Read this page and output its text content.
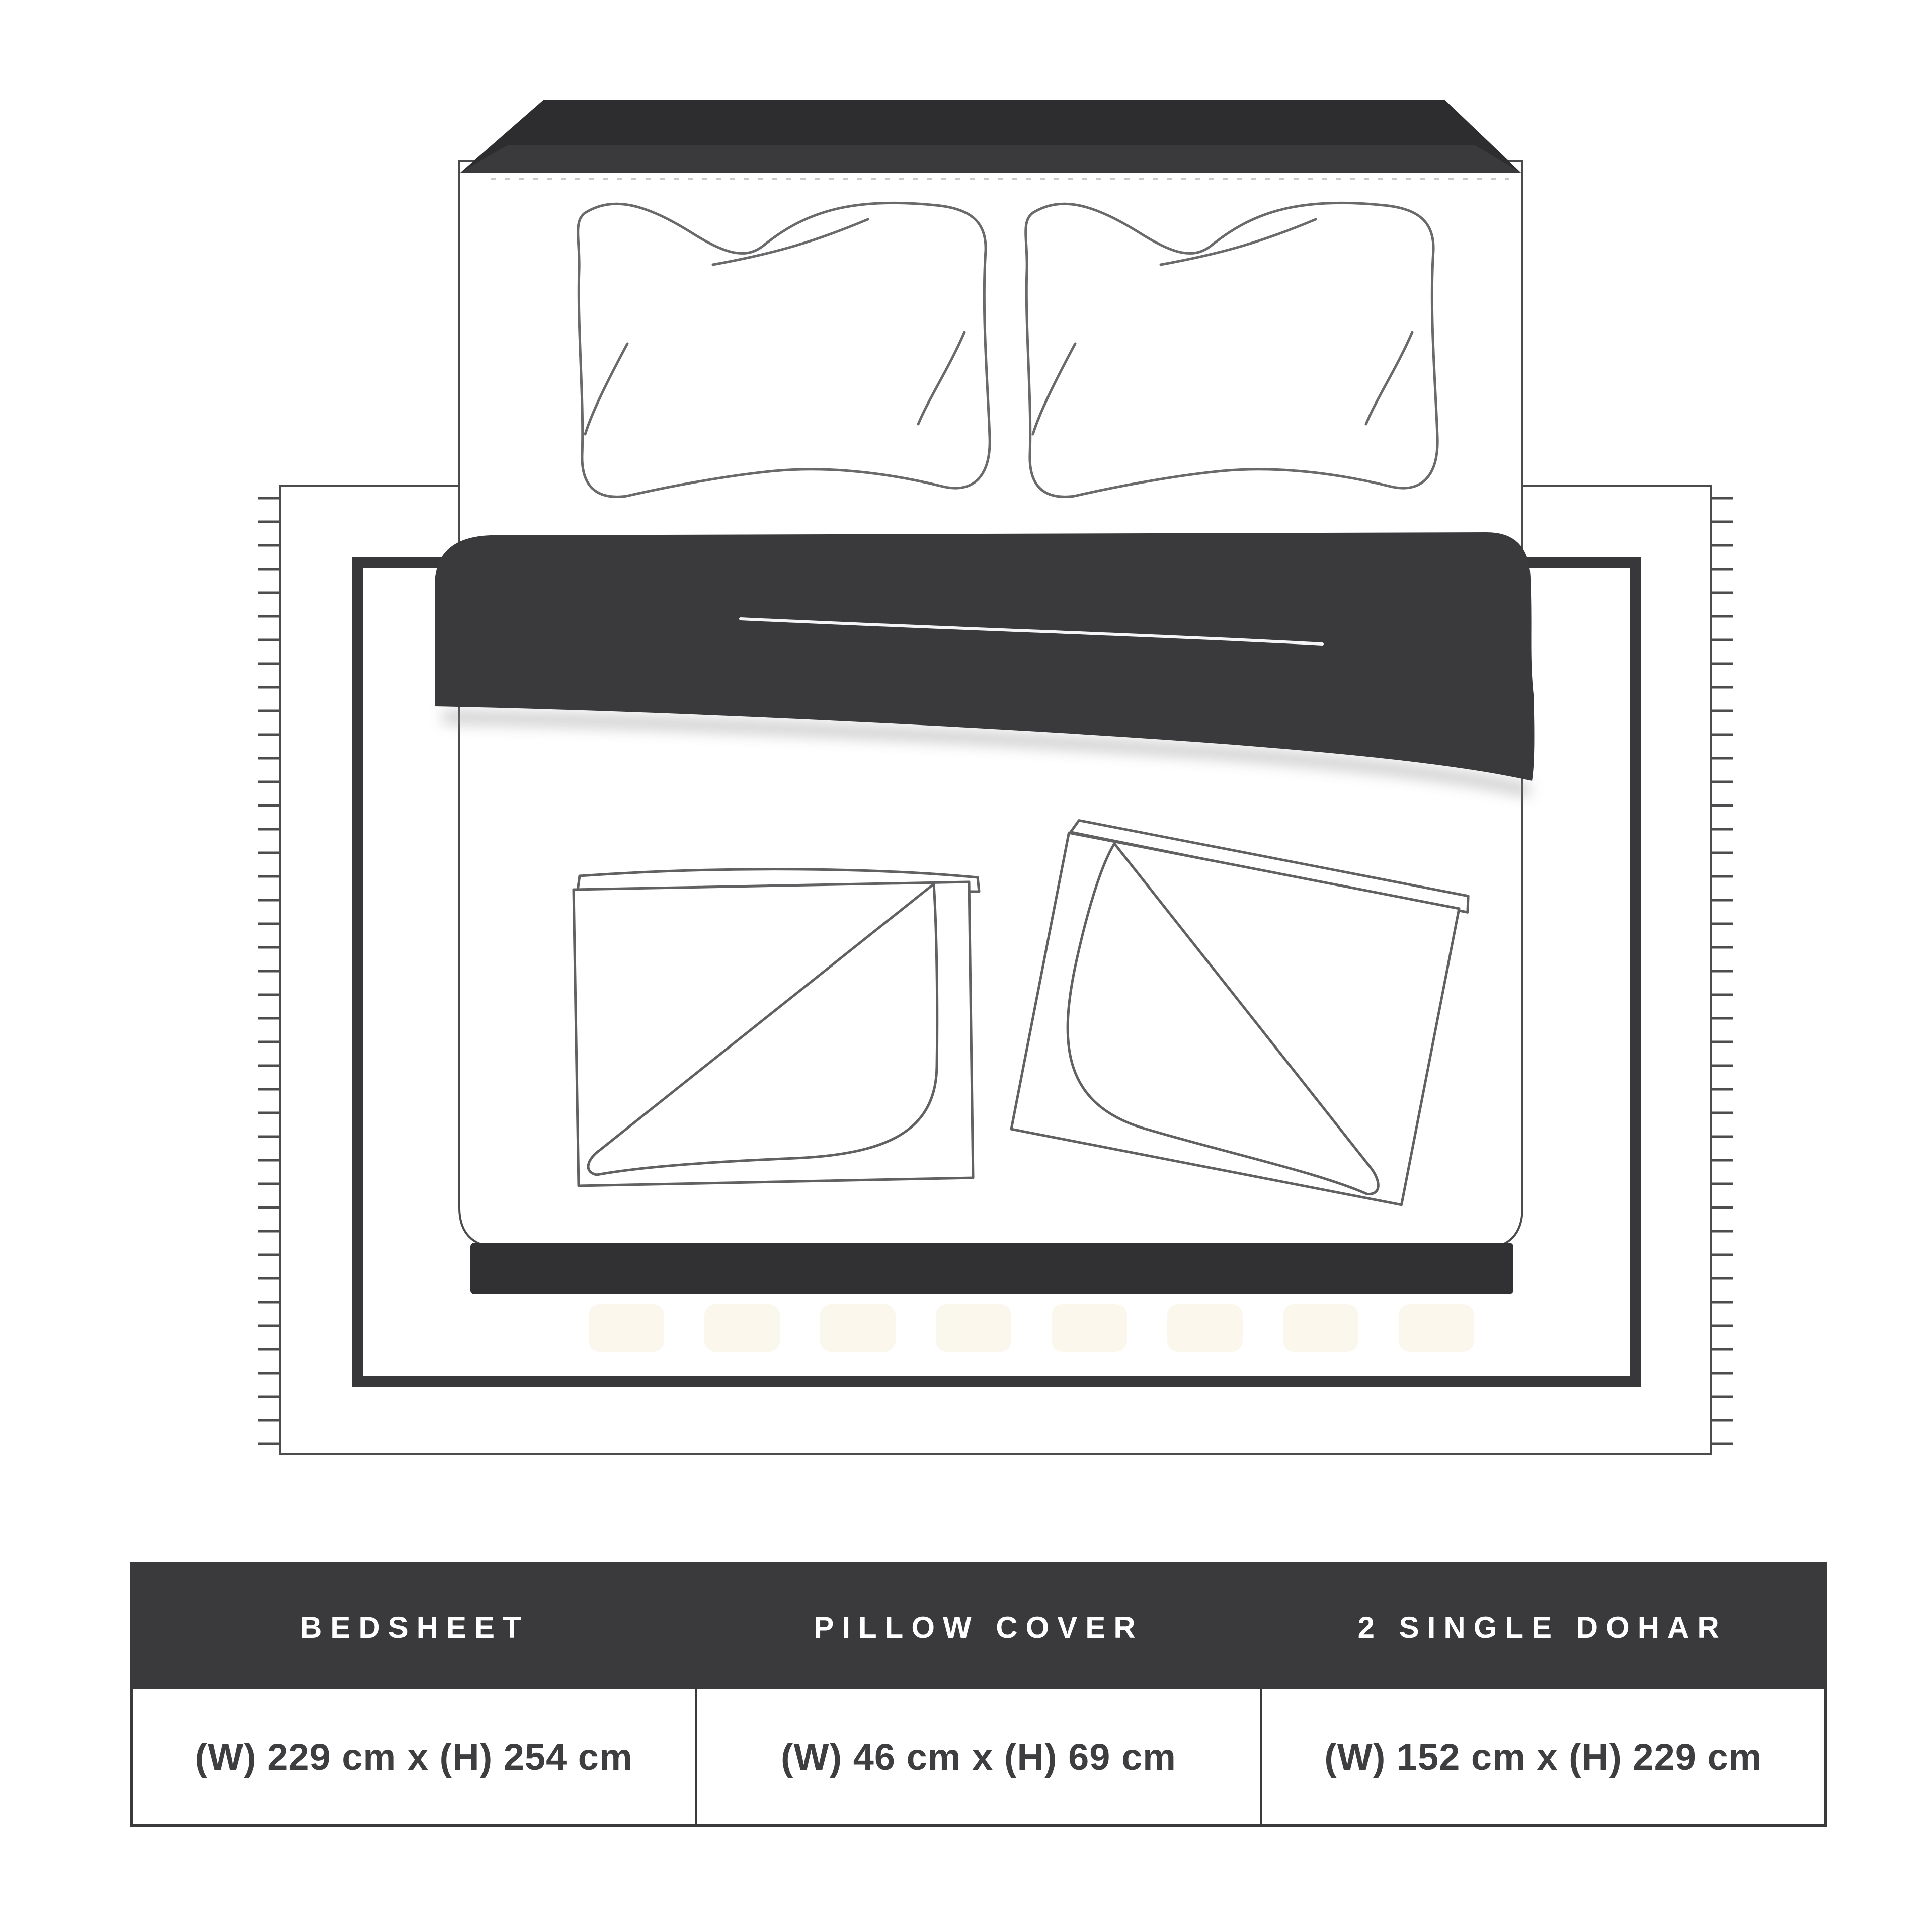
BEDSHEET	PILLOW COVER	2 SINGLE DOHAR
(W) 229 cm x (H) 254 cm	(W) 46 cm x (H) 69 cm	(W) 152 cm x (H) 229 cm
